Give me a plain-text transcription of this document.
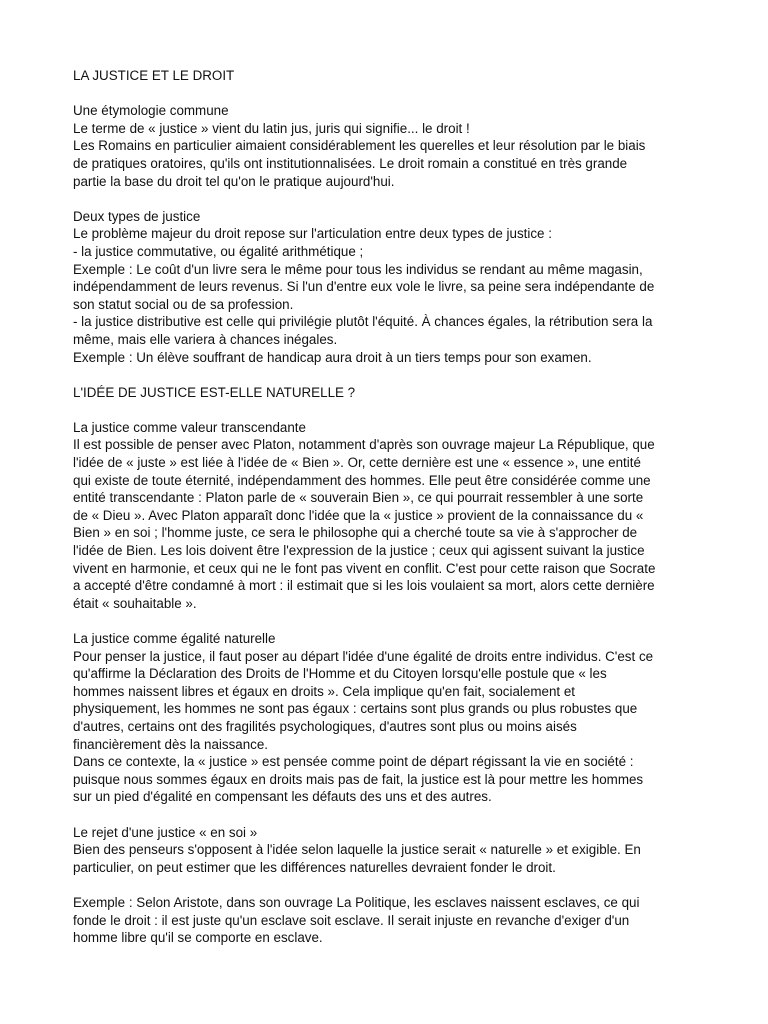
LA JUSTICE ET LE DROIT

Une étymologie commune

Le terme de « justice » vient du latin jus, juris qui signifie... le droit !

Les Romains en particulier aimaient considérablement les querelles et leur résolution par le biais

de pratiques oratoires, qu'ils ont institutionnalisées. Le droit romain a constitué en très grande

partie la base du droit tel qu'on le pratique aujourd'hui.

Deux types de justice

Le problème majeur du droit repose sur l'articulation entre deux types de justice :

- la justice commutative, ou égalité arithmétique ;

Exemple : Le coût d'un livre sera le même pour tous les individus se rendant au même magasin,

indépendamment de leurs revenus. Si l'un d'entre eux vole le livre, sa peine sera indépendante de

son statut social ou de sa profession.

- la justice distributive est celle qui privilégie plutôt l'équité. À chances égales, la rétribution sera la

même, mais elle variera à chances inégales.

Exemple : Un élève souffrant de handicap aura droit à un tiers temps pour son examen.

L'IDÉE DE JUSTICE EST-ELLE NATURELLE ?

La justice comme valeur transcendante

Il est possible de penser avec Platon, notamment d'après son ouvrage majeur La République, que

l'idée de « juste » est liée à l'idée de « Bien ». Or, cette dernière est une « essence », une entité

qui existe de toute éternité, indépendamment des hommes. Elle peut être considérée comme une

entité transcendante : Platon parle de « souverain Bien », ce qui pourrait ressembler à une sorte

de « Dieu ». Avec Platon apparaît donc l'idée que la « justice » provient de la connaissance du «

Bien » en soi ; l'homme juste, ce sera le philosophe qui a cherché toute sa vie à s'approcher de

l'idée de Bien. Les lois doivent être l'expression de la justice ; ceux qui agissent suivant la justice

vivent en harmonie, et ceux qui ne le font pas vivent en conflit. C'est pour cette raison que Socrate

a accepté d'être condamné à mort : il estimait que si les lois voulaient sa mort, alors cette dernière

était « souhaitable ».

La justice comme égalité naturelle

Pour penser la justice, il faut poser au départ l'idée d'une égalité de droits entre individus. C'est ce

qu'affirme la Déclaration des Droits de l'Homme et du Citoyen lorsqu'elle postule que « les

hommes naissent libres et égaux en droits ». Cela implique qu'en fait, socialement et

physiquement, les hommes ne sont pas égaux : certains sont plus grands ou plus robustes que

d'autres, certains ont des fragilités psychologiques, d'autres sont plus ou moins aisés

financièrement dès la naissance.

Dans ce contexte, la « justice » est pensée comme point de départ régissant la vie en société :

puisque nous sommes égaux en droits mais pas de fait, la justice est là pour mettre les hommes

sur un pied d'égalité en compensant les défauts des uns et des autres.

Le rejet d'une justice « en soi »

Bien des penseurs s'opposent à l'idée selon laquelle la justice serait « naturelle » et exigible. En

particulier, on peut estimer que les différences naturelles devraient fonder le droit.

Exemple : Selon Aristote, dans son ouvrage La Politique, les esclaves naissent esclaves, ce qui

fonde le droit : il est juste qu'un esclave soit esclave. Il serait injuste en revanche d'exiger d'un

homme libre qu'il se comporte en esclave.
